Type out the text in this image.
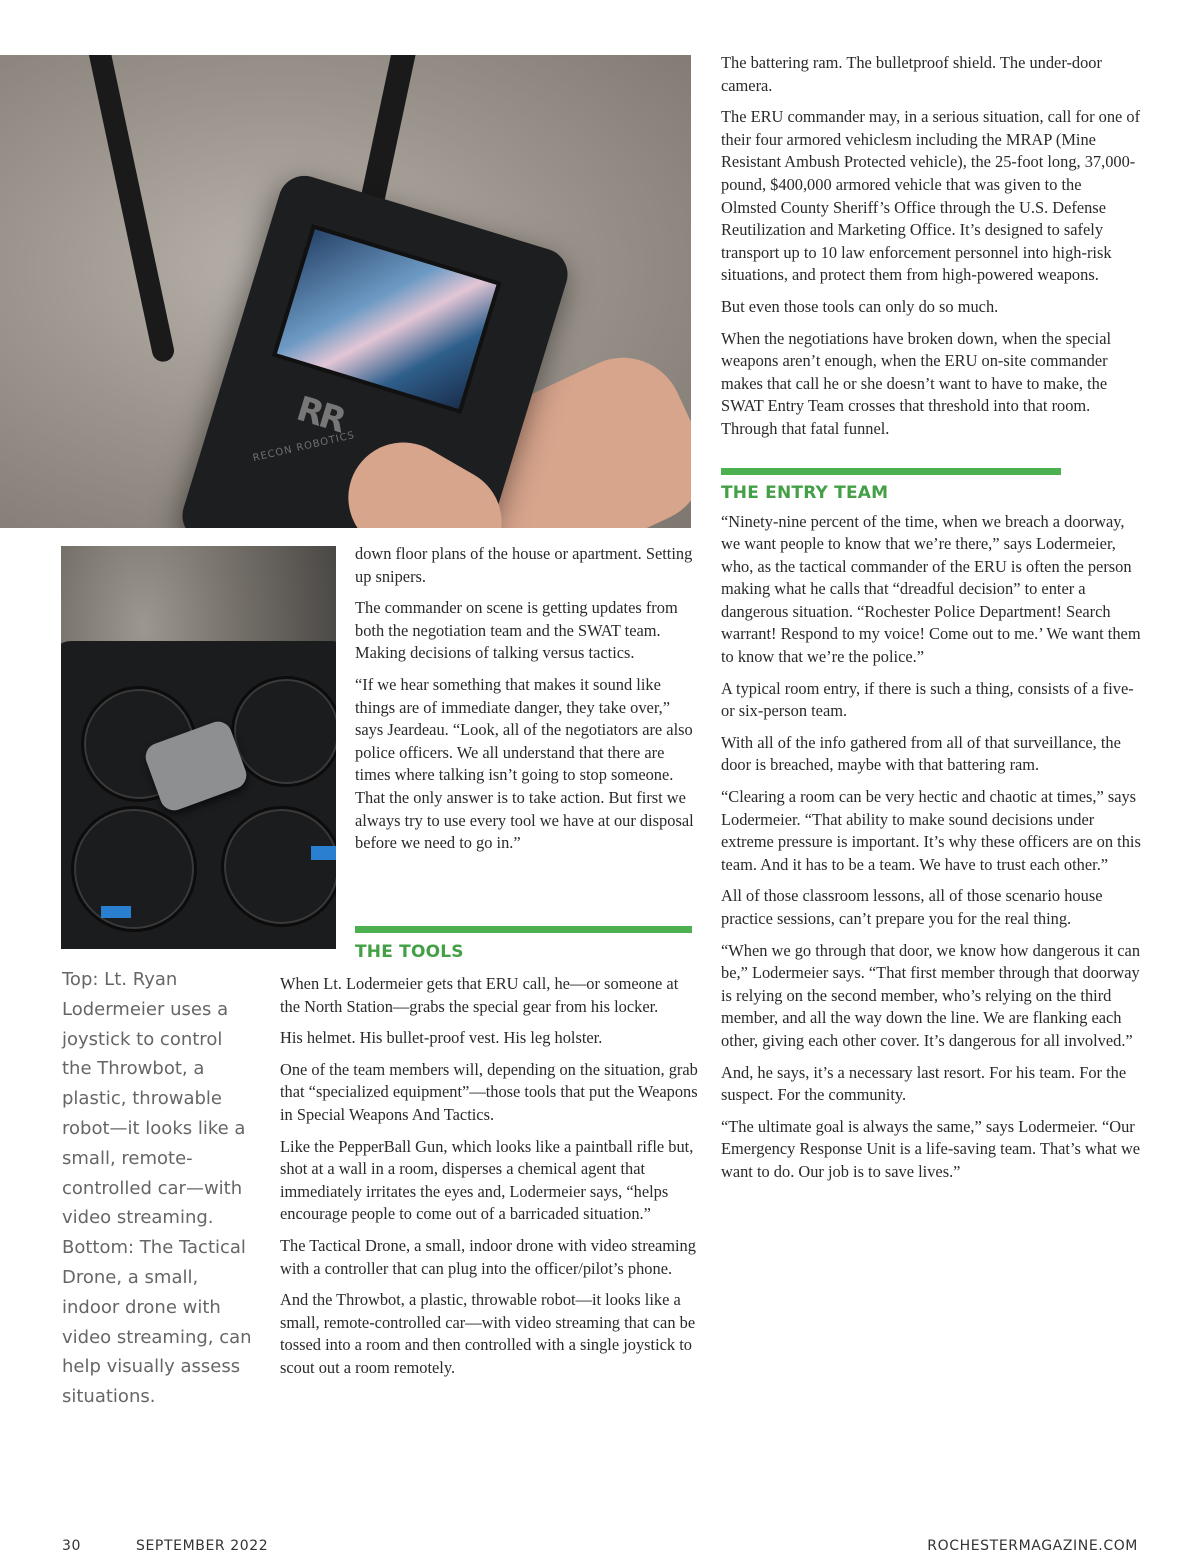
RR
RECON ROBOTICS

The battering ram. The bulletproof shield. The under-door camera.

The ERU commander may, in a serious situation, call for one of their four armored vehiclesm including the MRAP (Mine Resistant Ambush Protected vehicle), the 25-foot long, 37,000-pound, $400,000 armored vehicle that was given to the Olmsted County Sheriff’s Office through the U.S. Defense Reutilization and Marketing Office. It’s designed to safely transport up to 10 law enforcement personnel into high-risk situations, and protect them from high-powered weapons.

But even those tools can only do so much.

When the negotiations have broken down, when the special weapons aren’t enough, when the ERU on-site commander makes that call he or she doesn’t want to have to make, the SWAT Entry Team crosses that threshold into that room. Through that fatal funnel.

THE ENTRY TEAM

“Ninety-nine percent of the time, when we breach a doorway, we want people to know that we’re there,” says Lodermeier, who, as the tactical commander of the ERU is often the person making what he calls that “dreadful decision” to enter a dangerous situation. “Rochester Police Department! Search warrant! Respond to my voice! Come out to me.’ We want them to know that we’re the police.”

A typical room entry, if there is such a thing, consists of a five- or six-person team.

With all of the info gathered from all of that surveillance, the door is breached, maybe with that battering ram.

“Clearing a room can be very hectic and chaotic at times,” says Lodermeier. “That ability to make sound decisions under extreme pressure is important. It’s why these officers are on this team. And it has to be a team. We have to trust each other.”

All of those classroom lessons, all of those scenario house practice sessions, can’t prepare you for the real thing.

“When we go through that door, we know how dangerous it can be,” Lodermeier says. “That first member through that doorway is relying on the second member, who’s relying on the third member, and all the way down the line. We are flanking each other, giving each other cover. It’s dangerous for all involved.”

And, he says, it’s a necessary last resort. For his team. For the suspect. For the community.

“The ultimate goal is always the same,” says Lodermeier. “Our Emergency Response Unit is a life-saving team. That’s what we want to do. Our job is to save lives.”

down floor plans of the house or apartment. Setting up snipers.

The commander on scene is getting updates from both the negotiation team and the SWAT team. Making decisions of talking versus tactics.

“If we hear something that makes it sound like things are of immediate danger, they take over,” says Jeardeau. “Look, all of the negotiators are also police officers. We all understand that there are times where talking isn’t going to stop someone. That the only answer is to take action. But first we always try to use every tool we have at our disposal before we need to go in.”

THE TOOLS

When Lt. Lodermeier gets that ERU call, he—or someone at the North Station—grabs the special gear from his locker.

His helmet. His bullet-proof vest. His leg holster.

One of the team members will, depending on the situation, grab that “specialized equipment”—those tools that put the Weapons in Special Weapons And Tactics.

Like the PepperBall Gun, which looks like a paintball rifle but, shot at a wall in a room, disperses a chemical agent that immediately irritates the eyes and, Lodermeier says, “helps encourage people to come out of a barricaded situation.”

The Tactical Drone, a small, indoor drone with video streaming with a controller that can plug into the officer/pilot’s phone.

And the Throwbot, a plastic, throwable robot—it looks like a small, remote-controlled car—with video streaming that can be tossed into a room and then controlled with a single joystick to scout out a room remotely.

Top: Lt. Ryan Lodermeier uses a joystick to control the Throwbot, a plastic, throwable robot—it looks like a small, remote-controlled car—with video streaming. Bottom: The Tactical Drone, a small, indoor drone with video streaming, can help visually assess situations.
30	SEPTEMBER 2022	ROCHESTERMAGAZINE.COM
